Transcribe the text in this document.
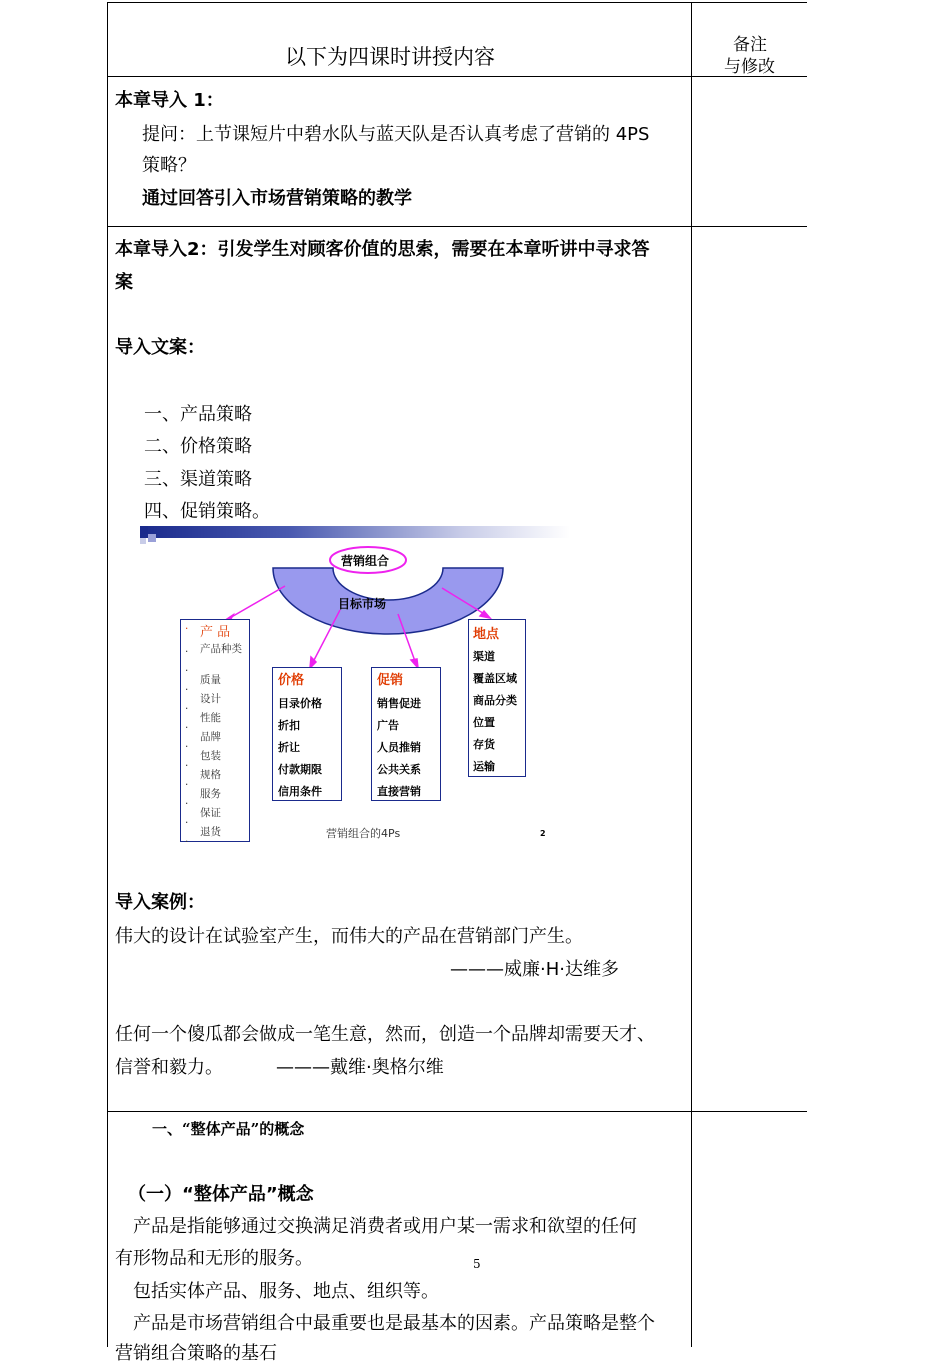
以下为四课时讲授内容	备注
与修改
本章导入 1：
提问：上节课短片中碧水队与蓝天队是否认真考虑了营销的 4PS
策略？
通过回答引入市场营销策略的教学
本章导入2：引发学生对顾客价值的思索，需要在本章听讲中寻求答
案
导入文案：
一、产品策略
二、价格策略
三、渠道策略
四、促销策略。
营销组合
目标市场
产 品
·
产品种类
质量
设计
性能
品牌
包装
规格
服务
保证
退货
·
·
·
·
·
·
·
·
·
·
·
价格
目录价格
折扣
折让
付款期限
信用条件
促销
销售促进
广告
人员推销
公共关系
直接营销
地点
渠道
覆盖区域
商品分类
位置
存货
运输
营销组合的4Ps	2
导入案例：
伟大的设计在试验室产生，而伟大的产品在营销部门产生。
———威廉·H·达维多
任何一个傻瓜都会做成一笔生意，然而，创造一个品牌却需要天才、
信誉和毅力。	———戴维·奥格尔维
一、“整体产品”的概念
（一）“整体产品”概念
产品是指能够通过交换满足消费者或用户某一需求和欲望的任何
有形物品和无形的服务。
包括实体产品、服务、地点、组织等。
产品是市场营销组合中最重要也是最基本的因素。产品策略是整个
营销组合策略的基石
5
